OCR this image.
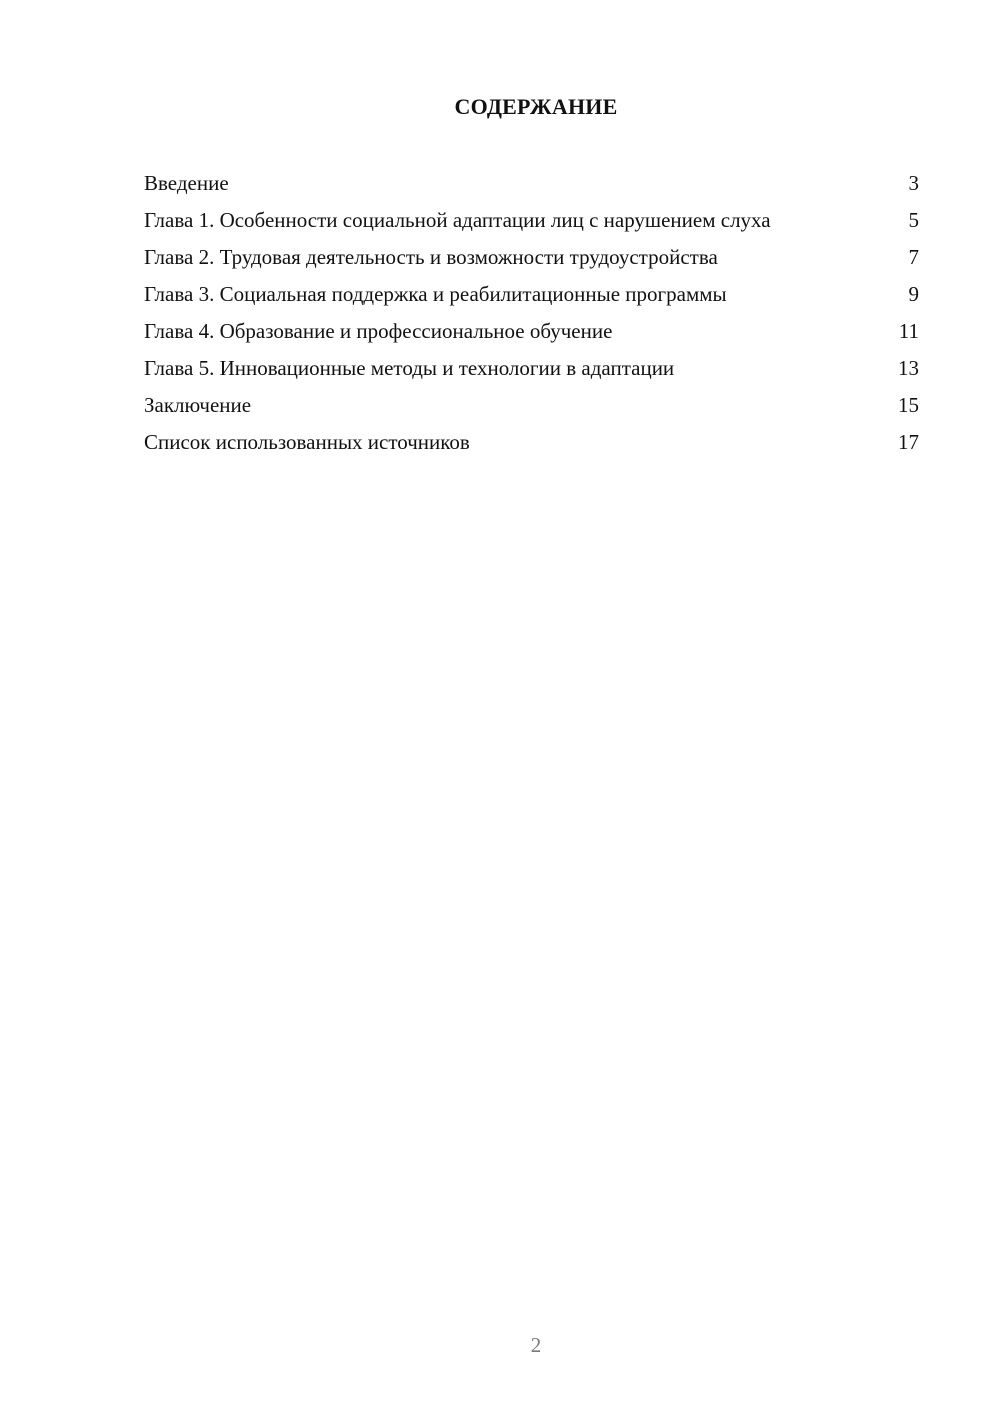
СОДЕРЖАНИЕ
Введение	3
Глава 1. Особенности социальной адаптации лиц с нарушением слуха	5
Глава 2. Трудовая деятельность и возможности трудоустройства	7
Глава 3. Социальная поддержка и реабилитационные программы	9
Глава 4. Образование и профессиональное обучение	11
Глава 5. Инновационные методы и технологии в адаптации	13
Заключение	15
Список использованных источников	17
2
